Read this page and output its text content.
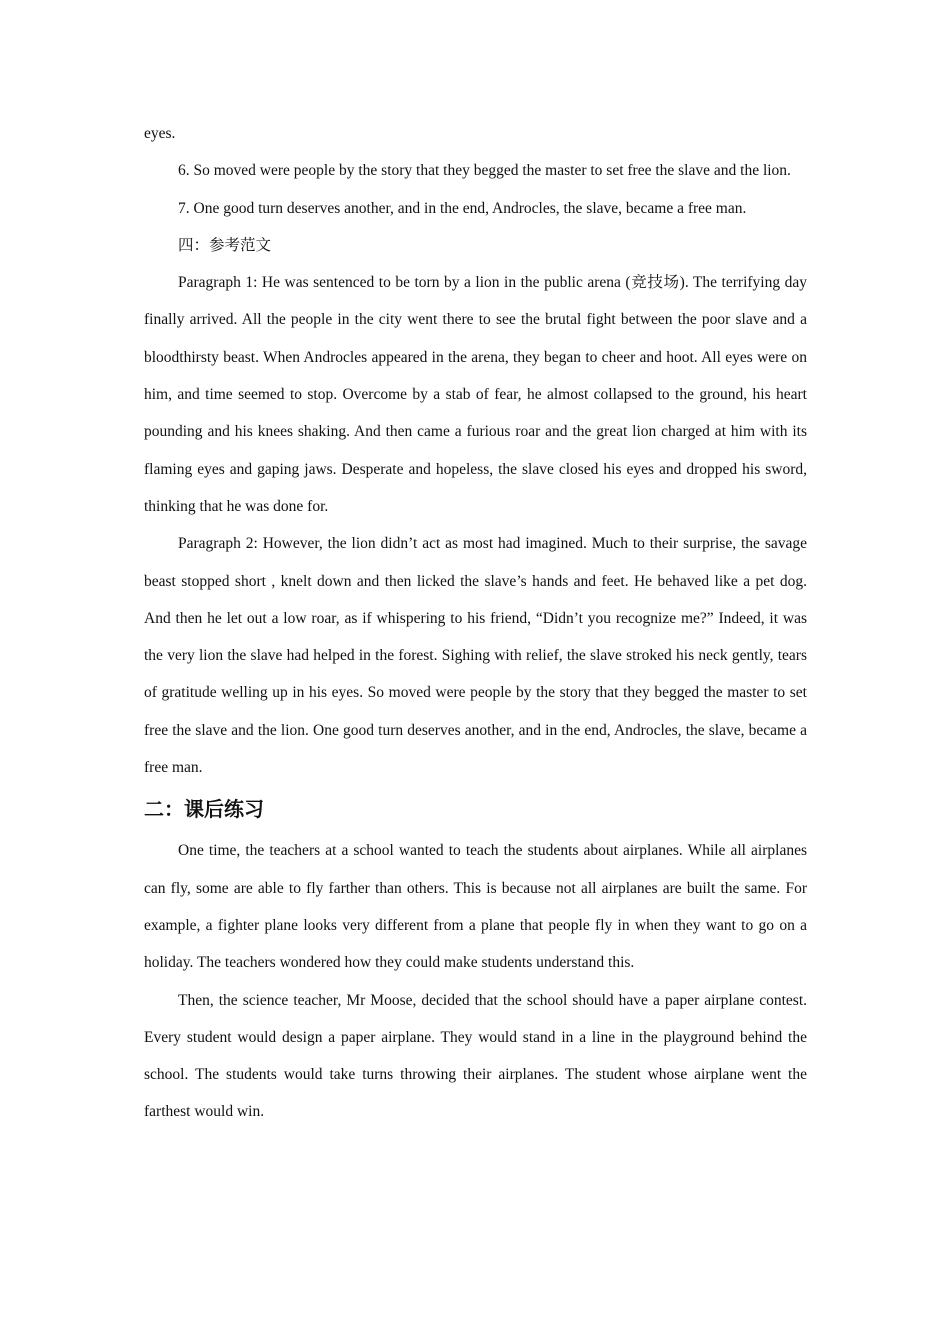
eyes.

6. So moved were people by the story that they begged the master to set free the slave and the lion.

7. One good turn deserves another, and in the end, Androcles, the slave, became a free man.

四：参考范文

Paragraph 1: He was sentenced to be torn by a lion in the public arena (竞技场). The terrifying day finally arrived. All the people in the city went there to see the brutal fight between the poor slave and a bloodthirsty beast. When Androcles appeared in the arena, they began to cheer and hoot. All eyes were on him, and time seemed to stop. Overcome by a stab of fear, he almost collapsed to the ground, his heart pounding and his knees shaking. And then came a furious roar and the great lion charged at him with its flaming eyes and gaping jaws. Desperate and hopeless, the slave closed his eyes and dropped his sword, thinking that he was done for.

Paragraph 2: However, the lion didn’t act as most had imagined. Much to their surprise, the savage beast stopped short , knelt down and then licked the slave’s hands and feet. He behaved like a pet dog. And then he let out a low roar, as if whispering to his friend, “Didn’t you recognize me?” Indeed, it was the very lion the slave had helped in the forest. Sighing with relief, the slave stroked his neck gently, tears of gratitude welling up in his eyes. So moved were people by the story that they begged the master to set free the slave and the lion. One good turn deserves another, and in the end, Androcles, the slave, became a free man.

二：课后练习

One time, the teachers at a school wanted to teach the students about airplanes. While all airplanes can fly, some are able to fly farther than others. This is because not all airplanes are built the same. For example, a fighter plane looks very different from a plane that people fly in when they want to go on a holiday. The teachers wondered how they could make students understand this.

Then, the science teacher, Mr Moose, decided that the school should have a paper airplane contest. Every student would design a paper airplane. They would stand in a line in the playground behind the school. The students would take turns throwing their airplanes. The student whose airplane went the farthest would win.
